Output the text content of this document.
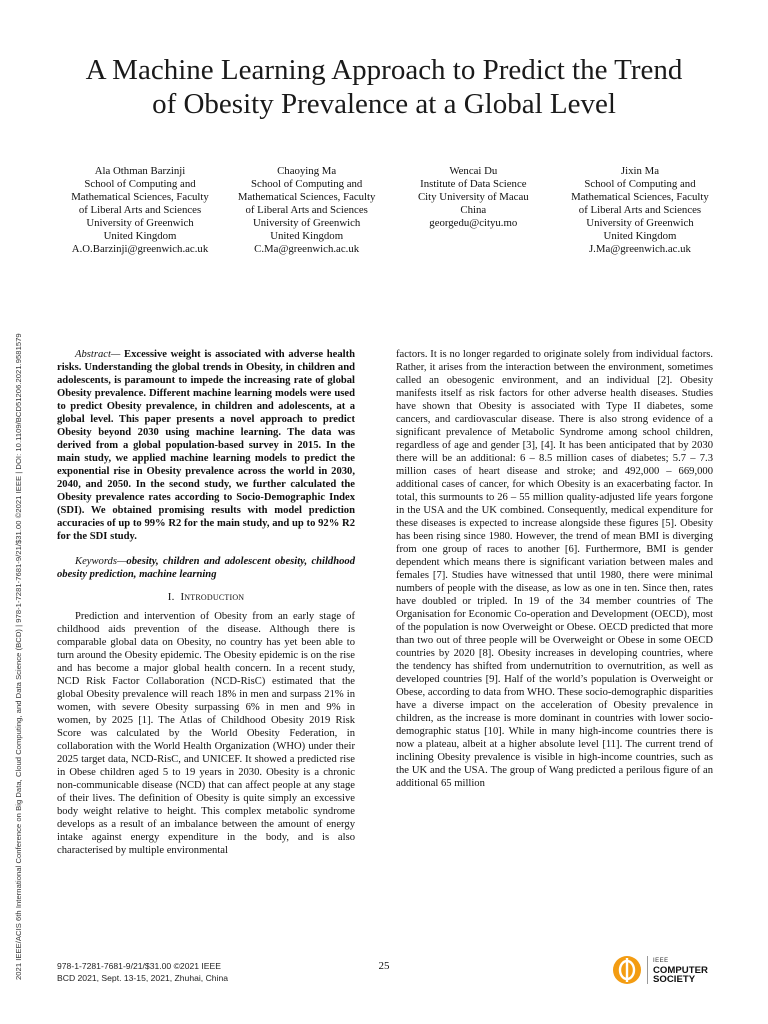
2021 IEEE/ACIS 6th International Conference on Big Data, Cloud Computing, and Data Science (BCD) | 978-1-7281-7681-9/21/$31.00 ©2021 IEEE | DOI: 10.1109/BCD51206.2021.9581579
A Machine Learning Approach to Predict the Trend
of Obesity Prevalence at a Global Level
Ala Othman Barzinji
School of Computing and
Mathematical Sciences, Faculty
of Liberal Arts and Sciences
University of Greenwich
United Kingdom
A.O.Barzinji@greenwich.ac.uk
Chaoying Ma
School of Computing and
Mathematical Sciences, Faculty
of Liberal Arts and Sciences
University of Greenwich
United Kingdom
C.Ma@greenwich.ac.uk
Wencai Du
Institute of Data Science
City University of Macau
China
georgedu@cityu.mo
Jixin Ma
School of Computing and
Mathematical Sciences, Faculty
of Liberal Arts and Sciences
University of Greenwich
United Kingdom
J.Ma@greenwich.ac.uk

Abstract— Excessive weight is associated with adverse health risks. Understanding the global trends in Obesity, in children and adolescents, is paramount to impede the increasing rate of global Obesity prevalence. Different machine learning models were used to predict Obesity prevalence, in children and adolescents, at a global level. This paper presents a novel approach to predict Obesity beyond 2030 using machine learning. The data was derived from a global population-based survey in 2015. In the main study, we applied machine learning models to predict the exponential rise in Obesity prevalence across the world in 2030, 2040, and 2050. In the second study, we further calculated the Obesity prevalence rates according to Socio-Demographic Index (SDI). We obtained promising results with model prediction accuracies of up to 99% R2 for the main study, and up to 92% R2 for the SDI study.

Keywords—obesity, children and adolescent obesity, childhood obesity prediction, machine learning

I. Introduction

Prediction and intervention of Obesity from an early stage of childhood aids prevention of the disease. Although there is comparable global data on Obesity, no country has yet been able to turn around the Obesity epidemic. The Obesity epidemic is on the rise and has become a major global health concern. In a recent study, NCD Risk Factor Collaboration (NCD-RisC) estimated that the global Obesity prevalence will reach 18% in men and surpass 21% in women, with severe Obesity surpassing 6% in men and 9% in women, by 2025 [1]. The Atlas of Childhood Obesity 2019 Risk Score was calculated by the World Obesity Federation, in collaboration with the World Health Organization (WHO) under their 2025 target data, NCD-RisC, and UNICEF. It showed a predicted rise in Obese children aged 5 to 19 years in 2030. Obesity is a chronic non-communicable disease (NCD) that can affect people at any stage of their lives. The definition of Obesity is quite simply an excessive body weight relative to height. This complex metabolic syndrome develops as a result of an imbalance between the amount of energy intake against energy expenditure in the body, and is also characterised by multiple environmental

factors. It is no longer regarded to originate solely from individual factors. Rather, it arises from the interaction between the environment, sometimes called an obesogenic environment, and an individual [2]. Obesity manifests itself as risk factors for other adverse health diseases. Studies have shown that Obesity is associated with Type II diabetes, some cancers, and cardiovascular disease. There is also strong evidence of a significant prevalence of Metabolic Syndrome among school children, regardless of age and gender [3], [4]. It has been anticipated that by 2030 there will be an additional: 6 – 8.5 million cases of diabetes; 5.7 – 7.3 million cases of heart disease and stroke; and 492,000 – 669,000 additional cases of cancer, for which Obesity is an exacerbating factor. In total, this surmounts to 26 – 55 million quality-adjusted life years forgone in the USA and the UK combined. Consequently, medical expenditure for these diseases is expected to increase alongside these figures [5]. Obesity has been rising since 1980. However, the trend of mean BMI is diverging from one group of races to another [6]. Furthermore, BMI is gender dependent which means there is significant variation between males and females [7]. Studies have witnessed that until 1980, there were minimal numbers of people with the disease, as low as one in ten. Since then, rates have doubled or tripled. In 19 of the 34 member countries of The Organisation for Economic Co-operation and Development (OECD), most of the population is now Overweight or Obese. OECD predicted that more than two out of three people will be Overweight or Obese in some OECD countries by 2020 [8]. Obesity increases in developing countries, where the tendency has shifted from undernutrition to overnutrition, as well as developed countries [9]. Half of the world’s population is Overweight or Obese, according to data from WHO. These socio-demographic disparities have a diverse impact on the acceleration of Obesity prevalence in children, as the increase is more dominant in countries with lower socio-demographic status [10]. While in many high-income countries there is now a plateau, albeit at a higher absolute level [11]. The current trend of inclining Obesity prevalence is visible in high-income countries, such as the UK and the USA. The group of Wang predicted a perilous figure of an additional 65 million

978-1-7281-7681-9/21/$31.00 ©2021 IEEE
BCD 2021, Sept. 13-15, 2021, Zhuhai, China
25	IEEE
COMPUTER
SOCIETY
